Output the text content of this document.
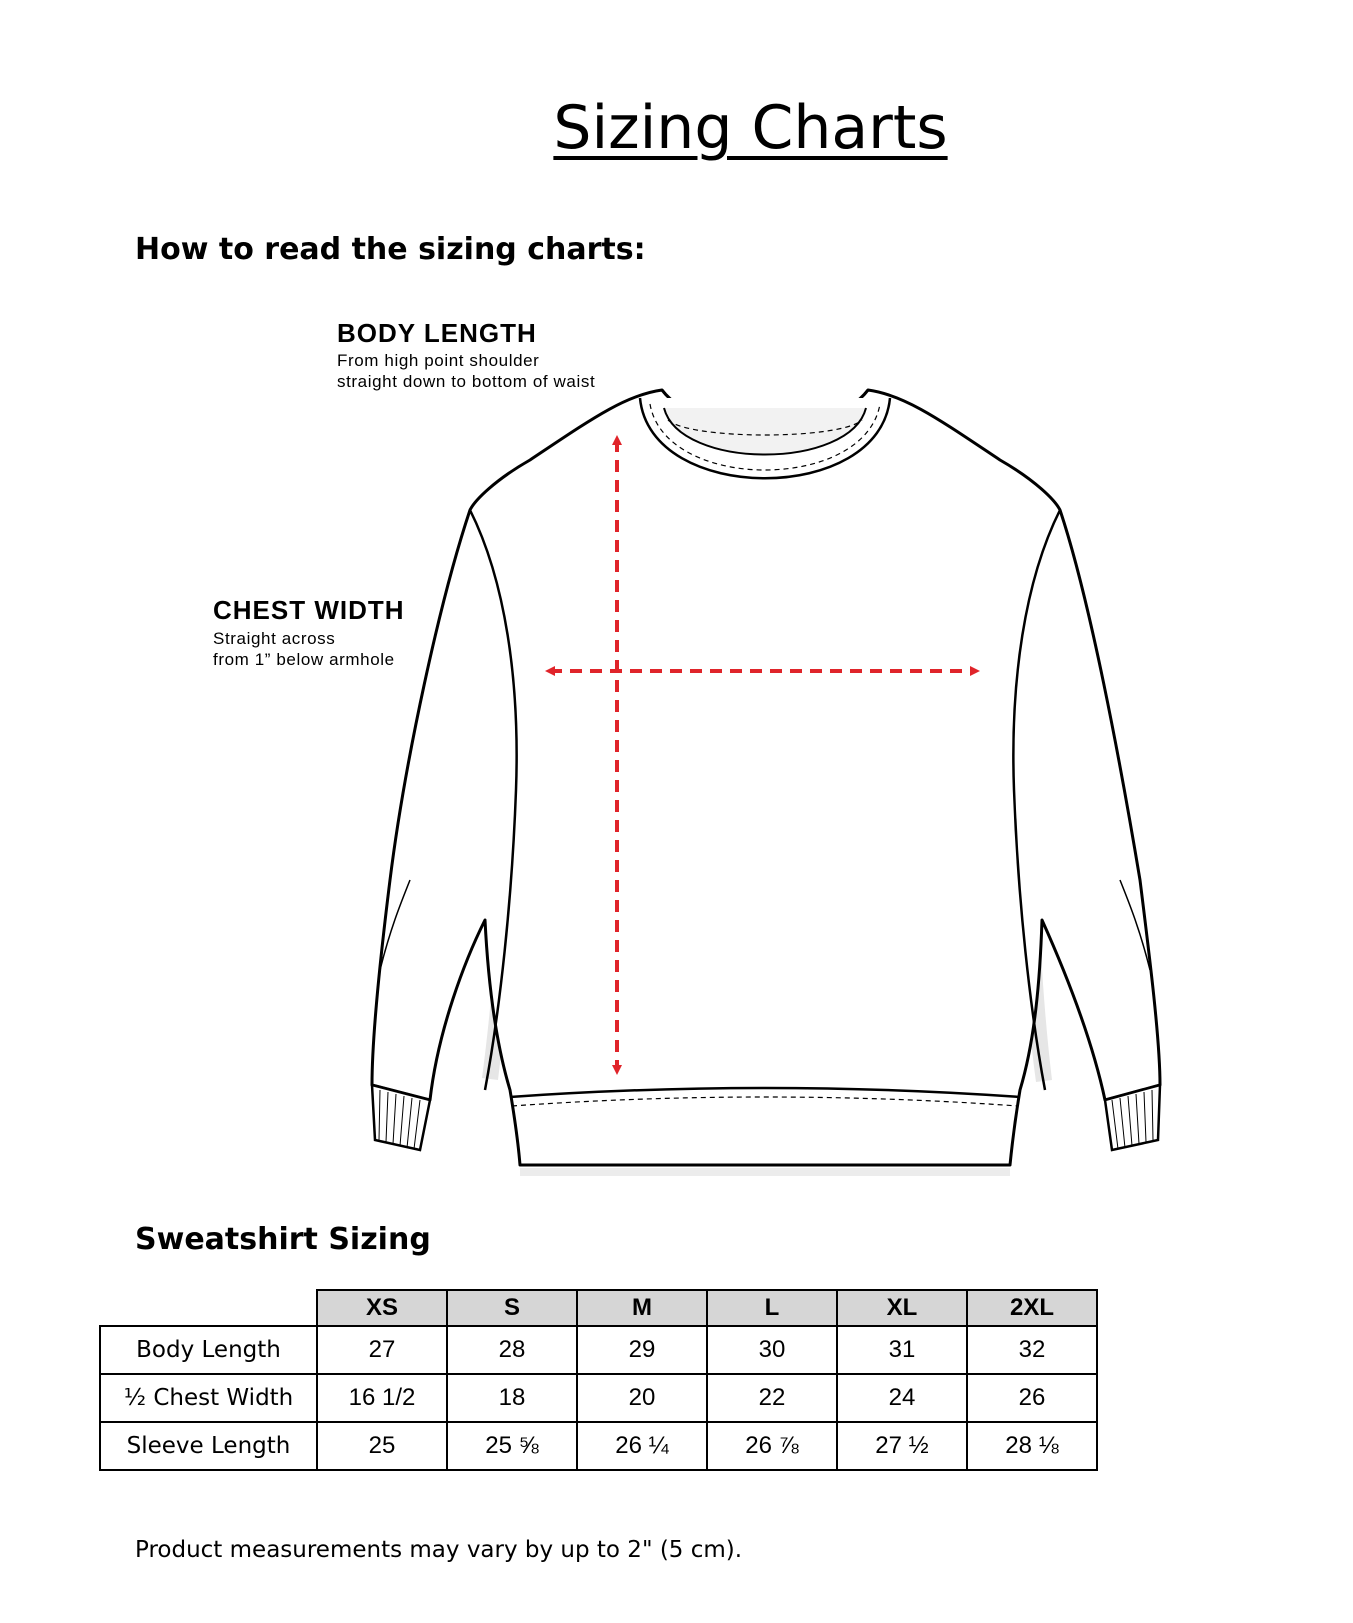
Sizing Charts
How to read the sizing charts:
BODY LENGTH
From high point shoulder
straight down to bottom of waist
CHEST WIDTH
Straight across
from 1” below armhole
Sweatshirt Sizing
	XS	S	M	L	XL	2XL
Body Length	27	28	29	30	31	32
½ Chest Width	16 1/2	18	20	22	24	26
Sleeve Length	25	25 ⅝	26 ¼	26 ⅞	27 ½	28 ⅛
Product measurements may vary by up to 2" (5 cm).
